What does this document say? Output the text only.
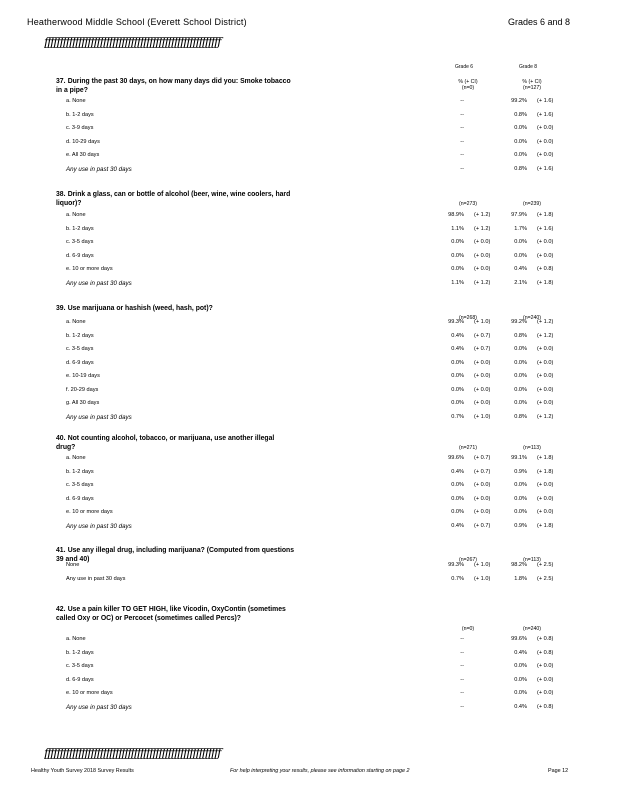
Heatherwood Middle School (Everett School District)	Grades 6 and 8
ƒƒƒƒƒƒƒƒƒƒƒƒƒƒƒƒƒƒƒƒƒƒƒƒƒƒƒƒƒƒƒƒƒƒƒƒƒƒƒƒƒƒƒƒƒƒƒƒƒƒƒƒƒƒƒƒƒ
Grade 6	Grade 8
37. During the past 30 days, on how many days did you: Smoke tobacco in a pipe?
% (+ CI)	% (+ CI)
(n=0)	(n=127)
a. None	--	99.2% (+ 1.6)
b. 1-2 days	--	0.8% (+ 1.6)
c. 3-9 days	--	0.0% (+ 0.0)
d. 10-29 days	--	0.0% (+ 0.0)
e. All 30 days	--	0.0% (+ 0.0)
Any use in past 30 days	--	0.8% (+ 1.6)
38. Drink a glass, can or bottle of alcohol (beer, wine, wine coolers, hard liquor)?	(n=273)	(n=239)
a. None	98.9% (+ 1.2)	97.9% (+ 1.8)
b. 1-2 days	1.1% (+ 1.2)	1.7% (+ 1.6)
c. 3-5 days	0.0% (+ 0.0)	0.0% (+ 0.0)
d. 6-9 days	0.0% (+ 0.0)	0.0% (+ 0.0)
e. 10 or more days	0.0% (+ 0.0)	0.4% (+ 0.8)
Any use in past 30 days	1.1% (+ 1.2)	2.1% (+ 1.8)
39. Use marijuana or hashish (weed, hash, pot)?
(n=268)	(n=240)
a. None	99.3% (+ 1.0)	99.2% (+ 1.2)
b. 1-2 days	0.4% (+ 0.7)	0.8% (+ 1.2)
c. 3-5 days	0.4% (+ 0.7)	0.0% (+ 0.0)
d. 6-9 days	0.0% (+ 0.0)	0.0% (+ 0.0)
e. 10-19 days	0.0% (+ 0.0)	0.0% (+ 0.0)
f. 20-29 days	0.0% (+ 0.0)	0.0% (+ 0.0)
g. All 30 days	0.0% (+ 0.0)	0.0% (+ 0.0)
Any use in past 30 days	0.7% (+ 1.0)	0.8% (+ 1.2)
40. Not counting alcohol, tobacco, or marijuana, use another illegal drug?	(n=271)	(n=113)
a. None	99.6% (+ 0.7)	99.1% (+ 1.8)
b. 1-2 days	0.4% (+ 0.7)	0.9% (+ 1.8)
c. 3-5 days	0.0% (+ 0.0)	0.0% (+ 0.0)
d. 6-9 days	0.0% (+ 0.0)	0.0% (+ 0.0)
e. 10 or more days	0.0% (+ 0.0)	0.0% (+ 0.0)
Any use in past 30 days	0.4% (+ 0.7)	0.9% (+ 1.8)
41. Use any illegal drug, including marijuana? (Computed from questions 39 and 40)	(n=267)	(n=113)
None	99.3% (+ 1.0)	98.2% (+ 2.5)
Any use in past 30 days	0.7% (+ 1.0)	1.8% (+ 2.5)
42. Use a pain killer TO GET HIGH, like Vicodin, OxyContin (sometimes called Oxy or OC) or Percocet (sometimes called Percs)?
(n=0)	(n=240)
a. None	--	99.6% (+ 0.8)
b. 1-2 days	--	0.4% (+ 0.8)
c. 3-5 days	--	0.0% (+ 0.0)
d. 6-9 days	--	0.0% (+ 0.0)
e. 10 or more days	--	0.0% (+ 0.0)
Any use in past 30 days	--	0.4% (+ 0.8)
ƒƒƒƒƒƒƒƒƒƒƒƒƒƒƒƒƒƒƒƒƒƒƒƒƒƒƒƒƒƒƒƒƒƒƒƒƒƒƒƒƒƒƒƒƒƒƒƒƒƒƒƒƒƒƒƒƒ
Healthy Youth Survey 2018 Survey Results	For help interpreting your results, please see information starting on page 2	Page 12
